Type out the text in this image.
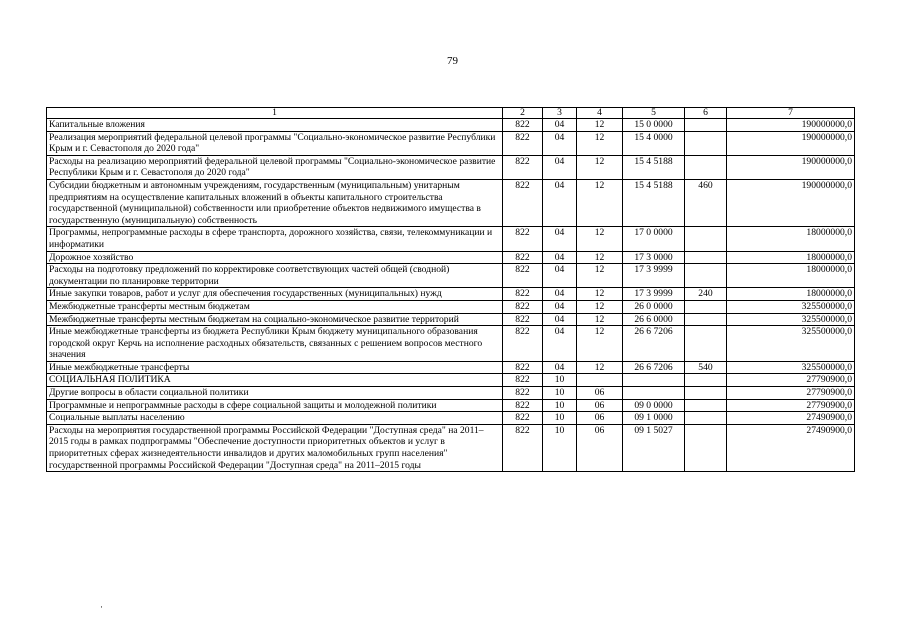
79
1	2	3	4	5	6	7
Капитальные вложения	822	04	12	15 0 0000		190000000,0
Реализация мероприятий федеральной целевой программы "Социально-экономическое развитие Республики Крым и г. Севастополя до 2020 года"	822	04	12	15 4 0000		190000000,0
Расходы на реализацию мероприятий федеральной целевой программы "Социально-экономическое развитие Республики Крым и г. Севастополя до 2020 года"	822	04	12	15 4 5188		190000000,0
Субсидии бюджетным и автономным учреждениям, государственным (муниципальным) унитарным предприятиям на осуществление капитальных вложений в объекты капитального строительства государственной (муниципальной) собственности или приобретение объектов недвижимого имущества в государственную (муниципальную) собственность	822	04	12	15 4 5188	460	190000000,0
Программы, непрограммные расходы в сфере транспорта, дорожного хозяйства, связи, телекоммуникации и информатики	822	04	12	17 0 0000		18000000,0
Дорожное хозяйство	822	04	12	17 3 0000		18000000,0
Расходы на подготовку предложений по корректировке соответствующих частей общей (сводной) документации по планировке территории	822	04	12	17 3 9999		18000000,0
Иные закупки товаров, работ и услуг для обеспечения государственных (муниципальных) нужд	822	04	12	17 3 9999	240	18000000,0
Межбюджетные трансферты местным бюджетам	822	04	12	26 0 0000		325500000,0
Межбюджетные трансферты местным бюджетам на социально-экономическое развитие территорий	822	04	12	26 6 0000		325500000,0
Иные межбюджетные трансферты из бюджета Республики Крым бюджету муниципального образования городской округ Керчь на исполнение расходных обязательств, связанных с решением вопросов местного значения	822	04	12	26 6 7206		325500000,0
Иные межбюджетные трансферты	822	04	12	26 6 7206	540	325500000,0
СОЦИАЛЬНАЯ ПОЛИТИКА	822	10				27790900,0
Другие вопросы в области социальной политики	822	10	06			27790900,0
Программные и непрограммные расходы в сфере социальной защиты и молодежной политики	822	10	06	09 0 0000		27790900,0
Социальные выплаты населению	822	10	06	09 1 0000		27490900,0
Расходы на мероприятия государственной программы Российской Федерации "Доступная среда" на 2011–2015 годы в рамках подпрограммы "Обеспечение доступности приоритетных объектов и услуг в приоритетных сферах жизнедеятельности инвалидов и других маломобильных групп населения" государственной программы Российской Федерации "Доступная среда" на 2011–2015 годы	822	10	06	09 1 5027		27490900,0
·
